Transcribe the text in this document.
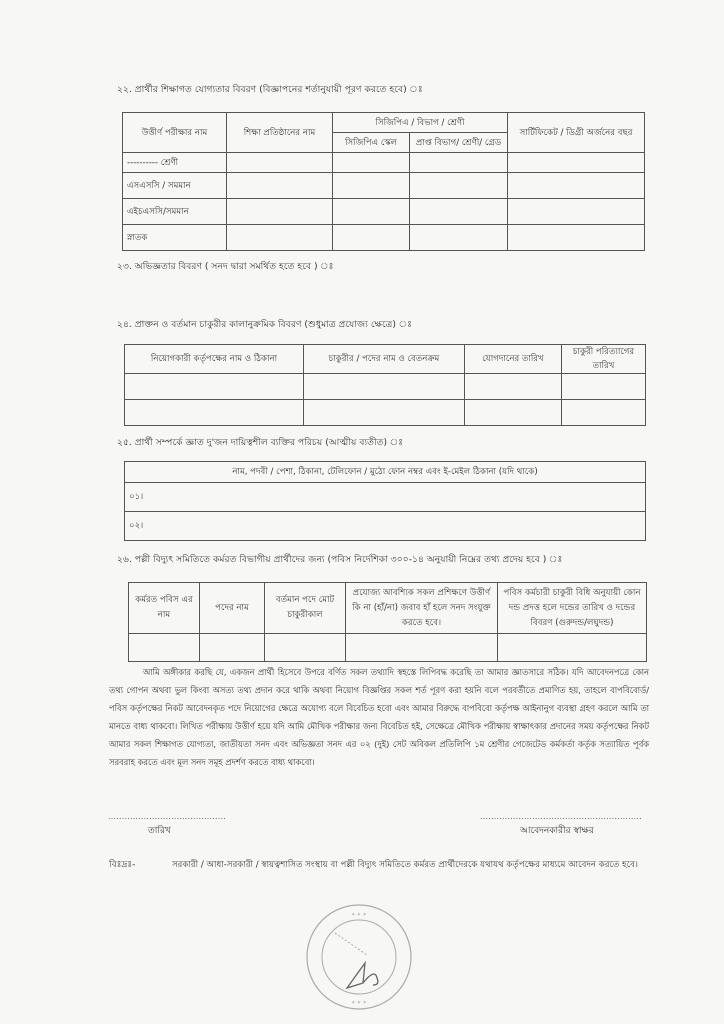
২২. প্রার্থীর শিক্ষাগত যোগ্যতার বিবরণ (বিজ্ঞাপনের শর্তানুযায়ী পূরণ করতে হবে) ঃ
উত্তীর্ণ পরীক্ষার নাম	শিক্ষা প্রতিষ্ঠানের নাম	সিজিপিএ / বিভাগ / শ্রেণী		সার্টিফিকেট / ডিগ্রী অর্জনের বছর
		সিজিপিএ স্কেল	প্রাপ্ত বিভাগ/ শ্রেণী/ গ্রেড	
---------- শ্রেণী				
এসএসসি / সমমান				
এইচএসসি/সমমান				
স্নাতক				
২৩. অভিজ্ঞতার বিবরণ ( সনদ দ্বারা সমর্থিত হতে হবে ) ঃ
২৪. প্রাক্তন ও বর্তমান চাকুরীর কালানুক্রমিক বিবরণ (শুধুমাত্র প্রযোজ্য ক্ষেত্রে) ঃ
নিয়োগকারী কর্তৃপক্ষের নাম ও ঠিকানা	চাকুরীর / পদের নাম ও বেতনক্রম	যোগদানের তারিখ	চাকুরী পরিত্যাগের তারিখ

২৫. প্রার্থী সম্পর্কে জ্ঞাত দু'জন দায়িত্বশীল ব্যক্তির পরিচয় (আত্মীয় ব্যতীত) ঃ
নাম, পদবী / পেশা, ঠিকানা, টেলিফোন / মুঠো ফোন নম্বর এবং ই-মেইল ঠিকানা (যদি থাকে)
০১।
০২।
২৬. পল্লী বিদ্যুৎ সমিতিতে কর্মরত বিভাগীয় প্রার্থীদের জন্য (পবিস নির্দেশিকা ৩০০-১৪ অনুযায়ী নিম্নের তথ্য প্রদেয় হবে ) ঃ
কর্মরত পবিস এর নাম	পদের নাম	বর্তমান পদে মোট চাকুরীকাল	প্রযোজ্য আবশ্যিক সকল প্রশিক্ষণে উত্তীর্ণ কি না (হাঁ/না) জবাব হাঁ হলে সনদ সংযুক্ত করতে হবে।	পবিস কর্মচারী চাকুরী বিধি অনুযায়ী কোন দন্ড প্রদত্ত হলে দন্ডের তারিখ ও দন্ডের বিবরণ (গুরুদন্ড/লঘুদন্ড)

আমি অঙ্গীকার করছি যে, একজন প্রার্থী হিসেবে উপরে বর্ণিত সকল তথ্যাদি স্বহস্তে লিপিবদ্ধ করেছি তা আমার জ্ঞাতসারে সঠিক। যদি আবেদনপত্রে কোন তথ্য গোপন অথবা ভুল কিংবা অসত্য তথ্য প্রদান করে থাকি অথবা নিয়োগ বিজ্ঞপ্তির সকল শর্ত পূরণ করা হয়নি বলে পরবর্তীতে প্রমাণিত হয়, তাহলে বাপবিবোর্ড/ পবিস কর্তৃপক্ষের নিকট আবেদনকৃত পদে নিয়োগের ক্ষেত্রে অযোগ্য বলে বিবেচিত হবো এবং আমার বিরুদ্ধে বাপবিবো কর্তৃপক্ষ আইনানুগ ব্যবস্থা গ্রহণ করলে আমি তা মানতে বাধ্য থাকবো। লিখিত পরীক্ষায় উত্তীর্ণ হয়ে যদি আমি মৌখিক পরীক্ষার জন্য বিবেচিত হই, সেক্ষেত্রে মৌখিক পরীক্ষায় স্বাক্ষাৎকার প্রদানের সময় কর্তৃপক্ষের নিকট আমার সকল শিক্ষাগত যোগ্যতা, জাতীয়তা সনদ এবং অভিজ্ঞতা সনদ এর ০২ (দুই) সেট অবিকল প্রতিলিপি ১ম শ্রেণীর গেজেটেড কর্মকর্তা কর্তৃক সত্যায়িত পূর্বক সরবরাহ করতে এবং মূল সনদ সমূহ প্রদর্শণ করতে বাধ্য থাকবো।
...........................................	...........................................................
তারিখ	আবেদনকারীর স্বাক্ষর
বিঃদ্রঃ-	সরকারী / আধা-সরকারী / স্বায়ত্বশাসিত সংস্থায় বা পল্লী বিদ্যুৎ সমিতিতে কর্মরত প্রার্থীদেরকে যথাযথ কর্তৃপক্ষের মাধ্যমে আবেদন করতে হবে।
✶ ✶ ✶
✶ ✶ ✶
